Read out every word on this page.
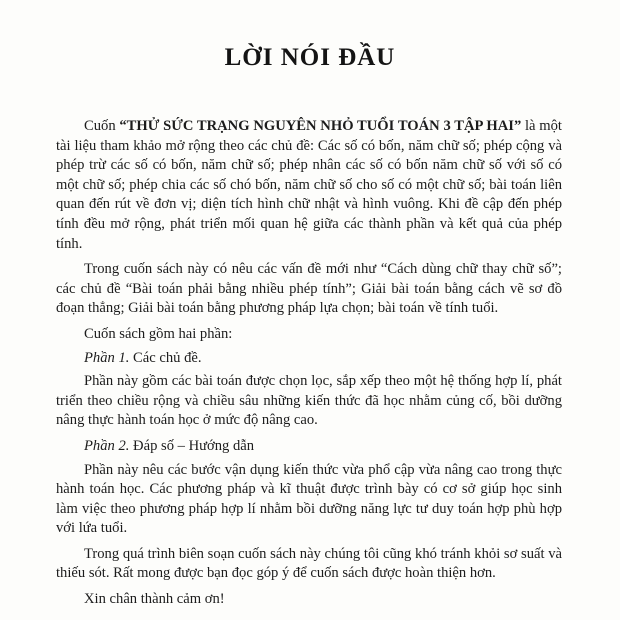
LỜI NÓI ĐẦU

Cuốn “THỬ SỨC TRẠNG NGUYÊN NHỎ TUỔI TOÁN 3 TẬP HAI” là một tài liệu tham khảo mở rộng theo các chủ đề: Các số có bốn, năm chữ số; phép cộng và phép trừ các số có bốn, năm chữ số; phép nhân các số có bốn năm chữ số với số có một chữ số; phép chia các số chó bốn, năm chữ số cho số có một chữ số; bài toán liên quan đến rút về đơn vị; diện tích hình chữ nhật và hình vuông. Khi đề cập đến phép tính đều mở rộng, phát triển mối quan hệ giữa các thành phần và kết quả của phép tính.

Trong cuốn sách này có nêu các vấn đề mới như “Cách dùng chữ thay chữ số”; các chủ đề “Bài toán phải bằng nhiều phép tính”; Giải bài toán bằng cách vẽ sơ đồ đoạn thẳng; Giải bài toán bằng phương pháp lựa chọn; bài toán về tính tuổi.

Cuốn sách gồm hai phần:

Phần 1. Các chủ đề.

Phần này gồm các bài toán được chọn lọc, sắp xếp theo một hệ thống hợp lí, phát triển theo chiều rộng và chiều sâu những kiến thức đã học nhằm củng cố, bồi dưỡng nâng thực hành toán học ở mức độ nâng cao.

Phần 2. Đáp số – Hướng dẫn

Phần này nêu các bước vận dụng kiến thức vừa phổ cập vừa nâng cao trong thực hành toán học. Các phương pháp và kĩ thuật được trình bày có cơ sở giúp học sinh làm việc theo phương pháp hợp lí nhằm bồi dưỡng năng lực tư duy toán hợp phù hợp với lứa tuổi.

Trong quá trình biên soạn cuốn sách này chúng tôi cũng khó tránh khỏi sơ suất và thiếu sót. Rất mong được bạn đọc góp ý để cuốn sách được hoàn thiện hơn.

Xin chân thành cảm ơn!
